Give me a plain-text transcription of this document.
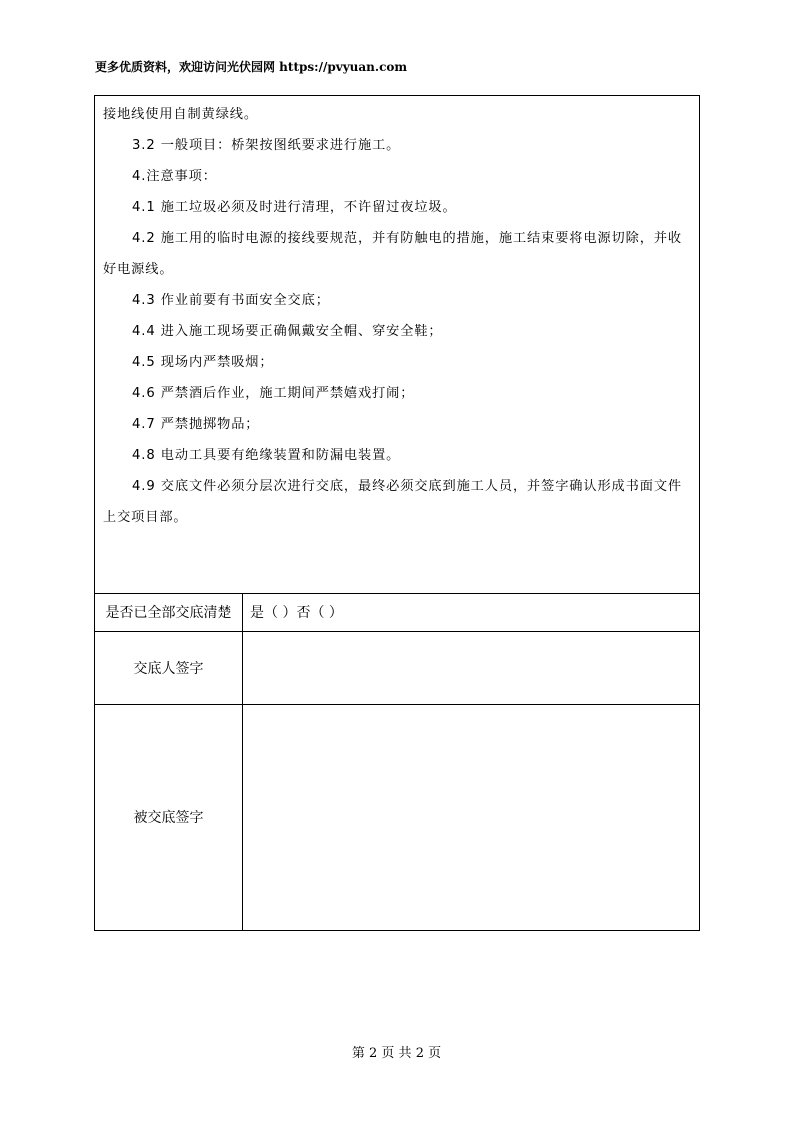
更多优质资料，欢迎访问光伏园网 https://pvyuan.com

接地线使用自制黄绿线。

3.2 一般项目：桥架按图纸要求进行施工。

4.注意事项：

4.1 施工垃圾必须及时进行清理，不许留过夜垃圾。

4.2 施工用的临时电源的接线要规范，并有防触电的措施，施工结束要将电源切除，并收好电源线。

4.3 作业前要有书面安全交底；

4.4 进入施工现场要正确佩戴安全帽、穿安全鞋；

4.5 现场内严禁吸烟；

4.6 严禁酒后作业，施工期间严禁嬉戏打闹；

4.7 严禁抛掷物品；

4.8 电动工具要有绝缘装置和防漏电装置。

4.9 交底文件必须分层次进行交底，最终必须交底到施工人员，并签字确认形成书面文件上交项目部。

是否已全部交底清楚	是（ ）否（ ）
交底人签字
被交底签字
第 2 页 共 2 页
